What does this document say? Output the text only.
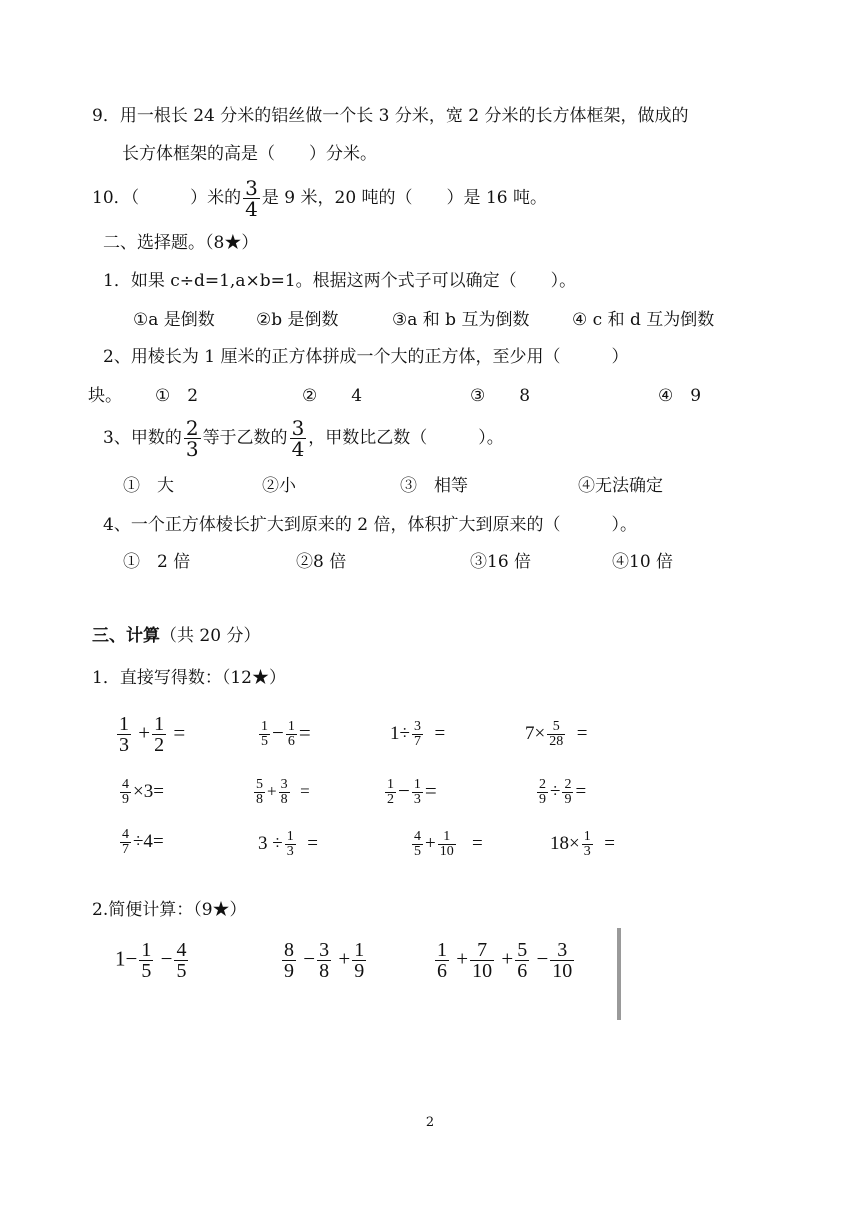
9．用一根长 24 分米的铝丝做一个长 3 分米，宽 2 分米的长方体框架，做成的
长方体框架的高是（　　）分米。
10．（　　　）米的 $\frac{3}{4}$ 是 9 米，20 吨的（　　）是 16 吨。
二、选择题。（8★）
1．如果 c÷d=1,a×b=1。根据这两个式子可以确定（　　）。
①a 是倒数 ②b 是倒数	③a 和 b 互为倒数	④ c 和 d 互为倒数
2、用棱长为 1 厘米的正方体拼成一个大的正方体，至少用（　　　）
块。 ①　2	②　　4	③　　8	④　9
3、甲数的 $\frac{2}{3}$ 等于乙数的 $\frac{3}{4}$ ，甲数比乙数（　　　）。
①　大	②小	③　相等	④无法确定
4、一个正方体棱长扩大到原来的 2 倍，体积扩大到原来的（　　　）。
①　2 倍	②8 倍	③16 倍	④10 倍
三、计算（共 20 分）
1．直接写得数：（12★）
$\frac{1}{3} + \frac{1}{2}$ =	$\frac{1}{5} - \frac{1}{6}$ =	$1\div \frac{3}{7}$ =	$7\times \frac{5}{28}$ =
$\frac{4}{9} \times 3=$	$\frac{5}{8} + \frac{3}{8}$ =	$\frac{1}{2} - \frac{1}{3}$ =	$\frac{2}{9} \div \frac{2}{9}$ =
$\frac{4}{7} \div 4=$	$3 \div \frac{1}{3}$ =	$\frac{4}{5} + \frac{1}{10}$ =	$18\times \frac{1}{3}$ =
2.简便计算：（9★）
$1- \frac{1}{5} - \frac{4}{5}$	$\frac{8}{9} - \frac{3}{8} + \frac{1}{9}$	$\frac{1}{6} + \frac{7}{10} + \frac{5}{6} - \frac{3}{10}$
2
